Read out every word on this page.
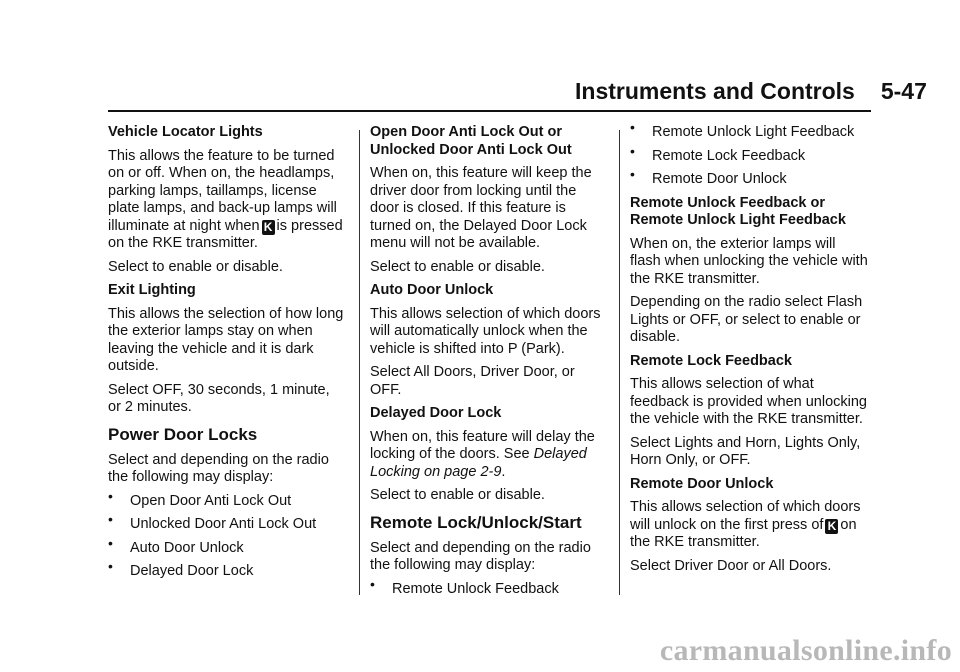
Instruments and Controls 5-47

Vehicle Locator Lights

This allows the feature to be turned on or off. When on, the headlamps, parking lamps, taillamps, license plate lamps, and back-up lamps will illuminate at night when K is pressed on the RKE transmitter.

Select to enable or disable.

Exit Lighting

This allows the selection of how long the exterior lamps stay on when leaving the vehicle and it is dark outside.

Select OFF, 30 seconds, 1 minute, or 2 minutes.

Power Door Locks

Select and depending on the radio the following may display:

• Open Door Anti Lock Out

• Unlocked Door Anti Lock Out

• Auto Door Unlock

• Delayed Door Lock

Open Door Anti Lock Out or Unlocked Door Anti Lock Out

When on, this feature will keep the driver door from locking until the door is closed. If this feature is turned on, the Delayed Door Lock menu will not be available.

Select to enable or disable.

Auto Door Unlock

This allows selection of which doors will automatically unlock when the vehicle is shifted into P (Park).

Select All Doors, Driver Door, or OFF.

Delayed Door Lock

When on, this feature will delay the locking of the doors. See Delayed Locking on page 2-9.

Select to enable or disable.

Remote Lock/Unlock/Start

Select and depending on the radio the following may display:

• Remote Unlock Feedback

• Remote Unlock Light Feedback

• Remote Lock Feedback

• Remote Door Unlock

Remote Unlock Feedback or Remote Unlock Light Feedback

When on, the exterior lamps will flash when unlocking the vehicle with the RKE transmitter.

Depending on the radio select Flash Lights or OFF, or select to enable or disable.

Remote Lock Feedback

This allows selection of what feedback is provided when unlocking the vehicle with the RKE transmitter.

Select Lights and Horn, Lights Only, Horn Only, or OFF.

Remote Door Unlock

This allows selection of which doors will unlock on the first press of K on the RKE transmitter.

Select Driver Door or All Doors.

carmanualsonline.info
